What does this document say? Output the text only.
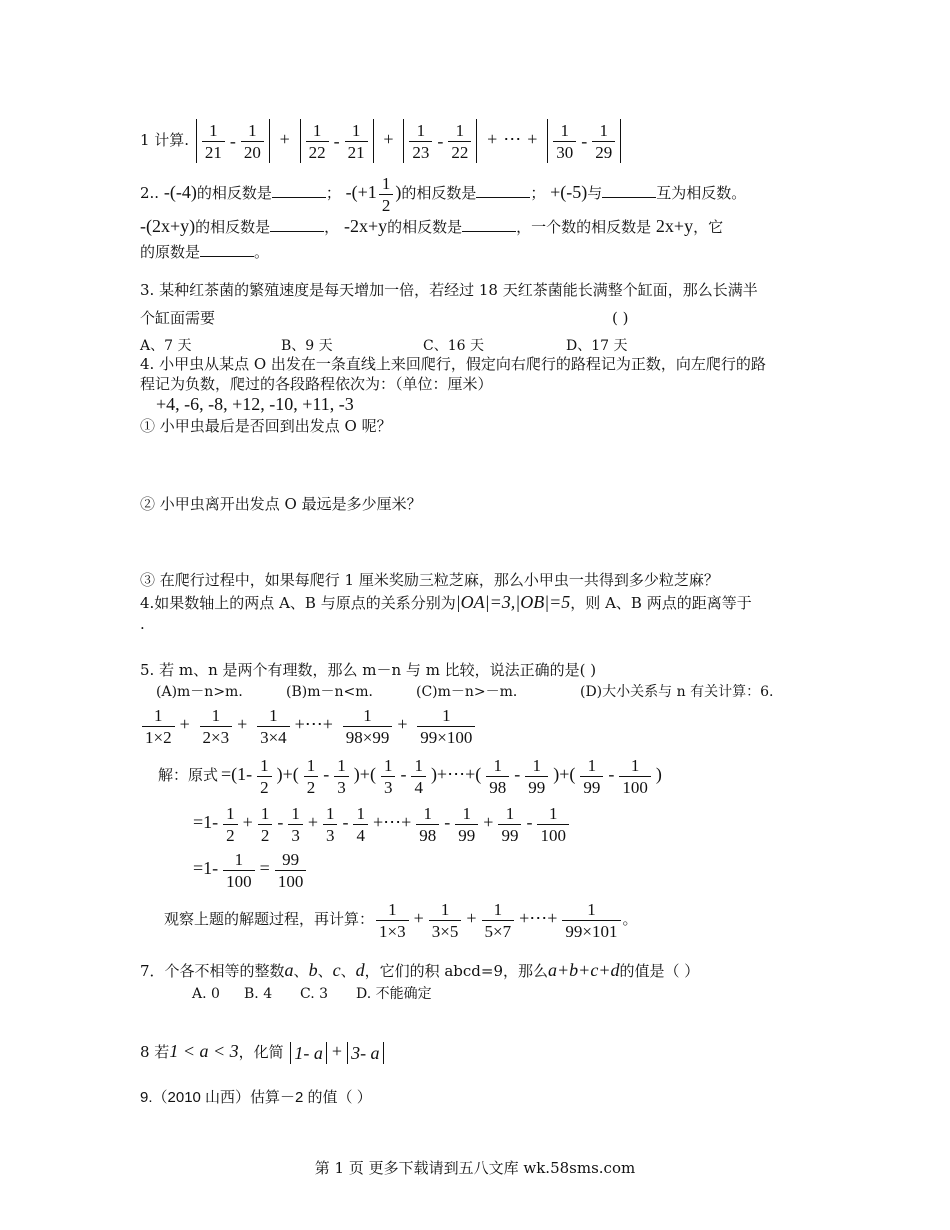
1 计算. $\frac{1}{21} - \frac{1}{20} + \frac{1}{22} - \frac{1}{21} + \frac{1}{23} - \frac{1}{22}$ + ⋯ + $\frac{1}{30} - \frac{1}{29}$
2.. -(-4)的相反数是	； $-(+1 \frac{1}{2}$ )的相反数是	； +(-5)与	互为相反数。
-(2x+y)的相反数是	， -2x+y的相反数是	，一个数的相反数是 2x+y，它
的原数是	。
3. 某种红茶菌的繁殖速度是每天增加一倍，若经过 18 天红茶菌能长满整个缸面，那么长满半
个缸面需要	( )
A、7 天	B、9 天	C、16 天	D、17 天
4. 小甲虫从某点 O 出发在一条直线上来回爬行，假定向右爬行的路程记为正数，向左爬行的路
程记为负数，爬过的各段路程依次为：（单位：厘米）
+4, -6, -8, +12, -10, +11, -3
① 小甲虫最后是否回到出发点 O 呢？
② 小甲虫离开出发点 O 最远是多少厘米？
③ 在爬行过程中，如果每爬行 1 厘米奖励三粒芝麻，那么小甲虫一共得到多少粒芝麻？
4.如果数轴上的两点 A、B 与原点的关系分别为|OA|=3,|OB|=5，则 A、B 两点的距离等于
.
5. 若 m、n 是两个有理数，那么 m－n 与 m 比较，说法正确的是( )
(A)m－n>m． (B)m－n<m． (C)m－n>－m．	(D)大小关系与 n 有关计算：6.
$\frac{1}{1\times 2} + \frac{1}{2\times 3} + \frac{1}{3\times 4}$ +⋯+ $\frac{1}{98\times 99} + \frac{1}{99\times 100}$
解：原式 $=(1- \frac{1}{2}$ )+( $\frac{1}{2} - \frac{1}{3}$ )+( $\frac{1}{3} - \frac{1}{4}$ )+⋯+( $\frac{1}{98} - \frac{1}{99}$ )+( $\frac{1}{99} - \frac{1}{100}$ )
$=1- \frac{1}{2} + \frac{1}{2} - \frac{1}{3} + \frac{1}{3} - \frac{1}{4}$ +⋯+ $\frac{1}{98} - \frac{1}{99} + \frac{1}{99} - \frac{1}{100}$
$=1- \frac{1}{100} = \frac{99}{100}$
观察上题的解题过程，再计算： $\frac{1}{1\times 3} + \frac{1}{3\times 5} + \frac{1}{5\times 7}$ +⋯+ $\frac{1}{99\times 101}$ 。
7．个各不相等的整数a、b、c、d，它们的积 abcd=9，那么a+b+c+d的值是（ ）
A. 0 B. 4 C. 3 D. 不能确定
8 若1 < a < 3，化简 1- a + 3- a
9.（2010 山西）估算－2 的值（ ）
第 1 页 更多下载请到五八文库 wk.58sms.com
